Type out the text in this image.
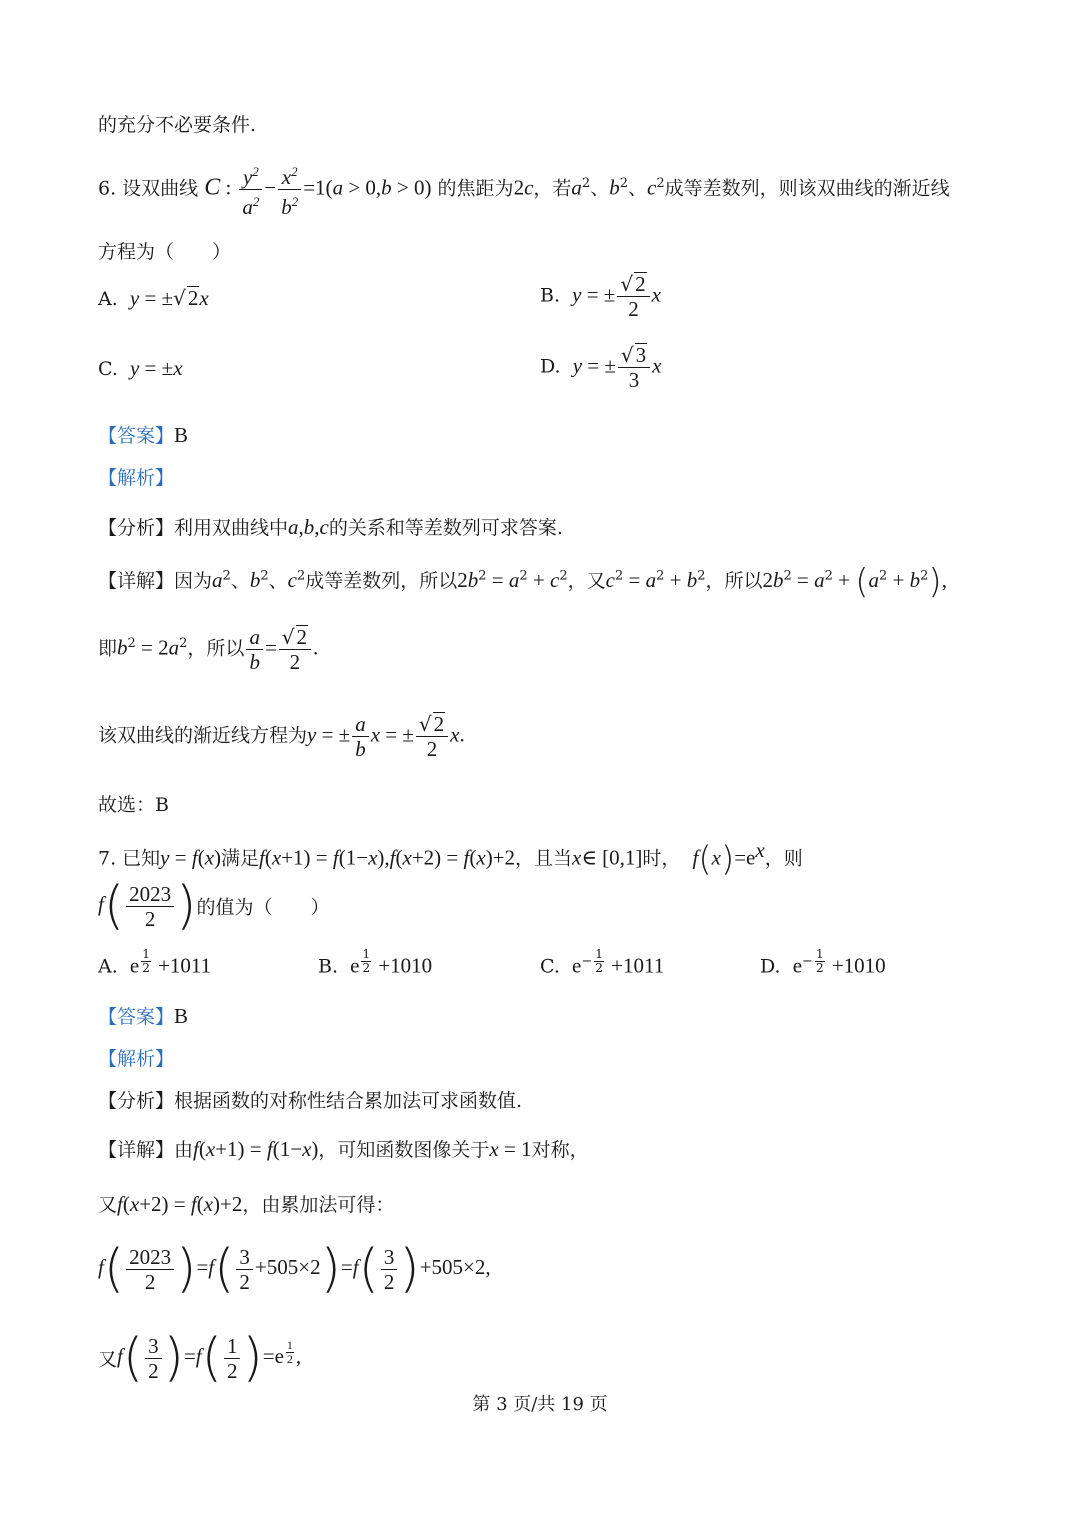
的充分不必要条件.
6. 设双曲线 C : $\frac{y^2}{a^2} - \frac{x^2}{b^2} =1(a > 0,b > 0)$ 的焦距为2c，若$a^2$、$b^2$、$c^2$成等差数列，则该双曲线的渐近线
方程为（　　）
A. y = ±√2x	B. y = ± $\frac{√2}{2}$ x
C. y = ±x	D. y = ± $\frac{√3}{3}$ x
【答案】B
【解析】
【分析】利用双曲线中a,b,c的关系和等差数列可求答案.
【详解】因为$a^2$、$b^2$、$c^2$成等差数列，所以$2b^2 = a^2 + c^2$，又$c^2 = a^2 + b^2$，所以$2b^2 = a^2 + (a^2 + b^2)$,
即$b^2 = 2a^2$，所以 $\frac{a}{b} = \frac{√2}{2}$ .
该双曲线的渐近线方程为y = ± $\frac{a}{b}$ x = ± $\frac{√2}{2} x$.
故选：B
7. 已知y = f(x)满足f(x+1) = f(1−x),f(x+2) = f(x)+2，且当x∈ [0,1]时， $f(x)=e^x$，则
$f( \frac{2023}{2}$ )的值为（　　）
A. e $^{\frac{1}{2}}$ +1011	B. e $^{\frac{1}{2}}$ +1010	C. $e^{- \frac{1}{2}} +1011$	D. $e^{- \frac{1}{2}} +1010$
【答案】B
【解析】
【分析】根据函数的对称性结合累加法可求函数值.
【详解】由f(x+1) = f(1−x)，可知函数图像关于x = 1对称，
又f(x+2) = f(x)+2，由累加法可得：
$f( \frac{2023}{2} )=f( \frac{3}{2} +505\times 2)=f( \frac{3}{2} )+505\times 2$,
又$f( \frac{3}{2} )=f( \frac{1}{2} )=e$ $^{\frac{1}{2}}$ ,
第 3 页/共 19 页
